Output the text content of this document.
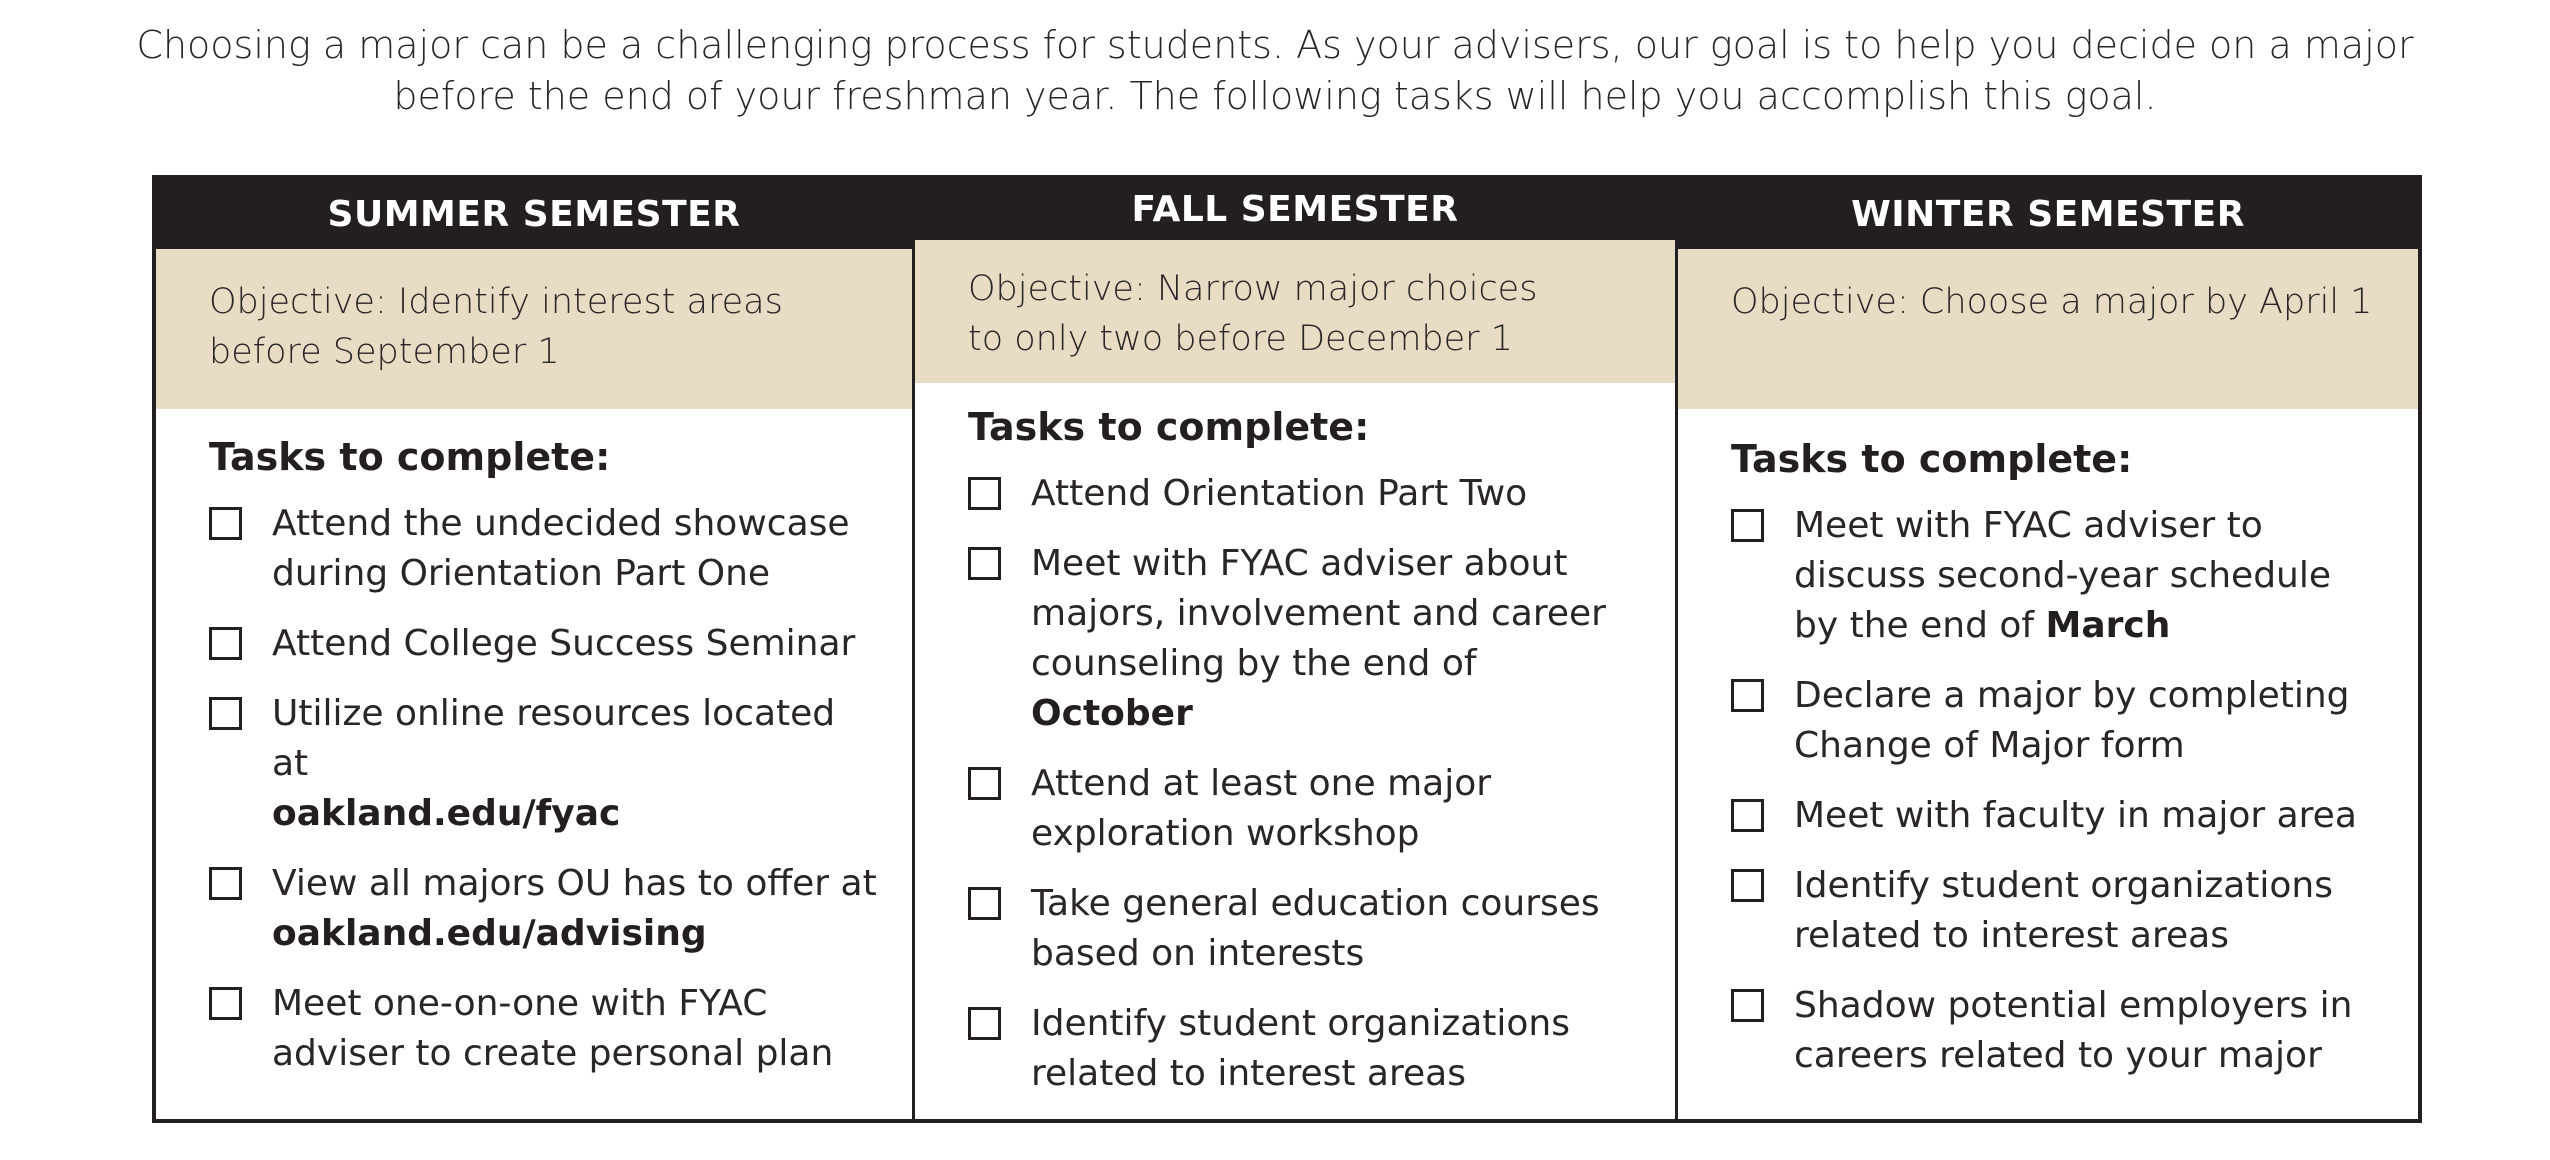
Choosing a major can be a challenging process for students. As your advisers, our goal is to help you decide on a major
before the end of your freshman year. The following tasks will help you accomplish this goal.
SUMMER SEMESTER
Objective: Identify interest areas
before September 1
Tasks to complete:
Attend the undecided showcase
during Orientation Part One
Attend College Success Seminar
Utilize online resources located at
oakland.edu/fyac
View all majors OU has to offer at
oakland.edu/advising
Meet one-on-one with FYAC
adviser to create personal plan
FALL SEMESTER
Objective: Narrow major choices
to only two before December 1
Tasks to complete:
Attend Orientation Part Two
Meet with FYAC adviser about
majors, involvement and career
counseling by the end of October
Attend at least one major
exploration workshop
Take general education courses
based on interests
Identify student organizations
related to interest areas
WINTER SEMESTER
Objective: Choose a major by April 1
Tasks to complete:
Meet with FYAC adviser to
discuss second-year schedule
by the end of March
Declare a major by completing
Change of Major form
Meet with faculty in major area
Identify student organizations
related to interest areas
Shadow potential employers in
careers related to your major
